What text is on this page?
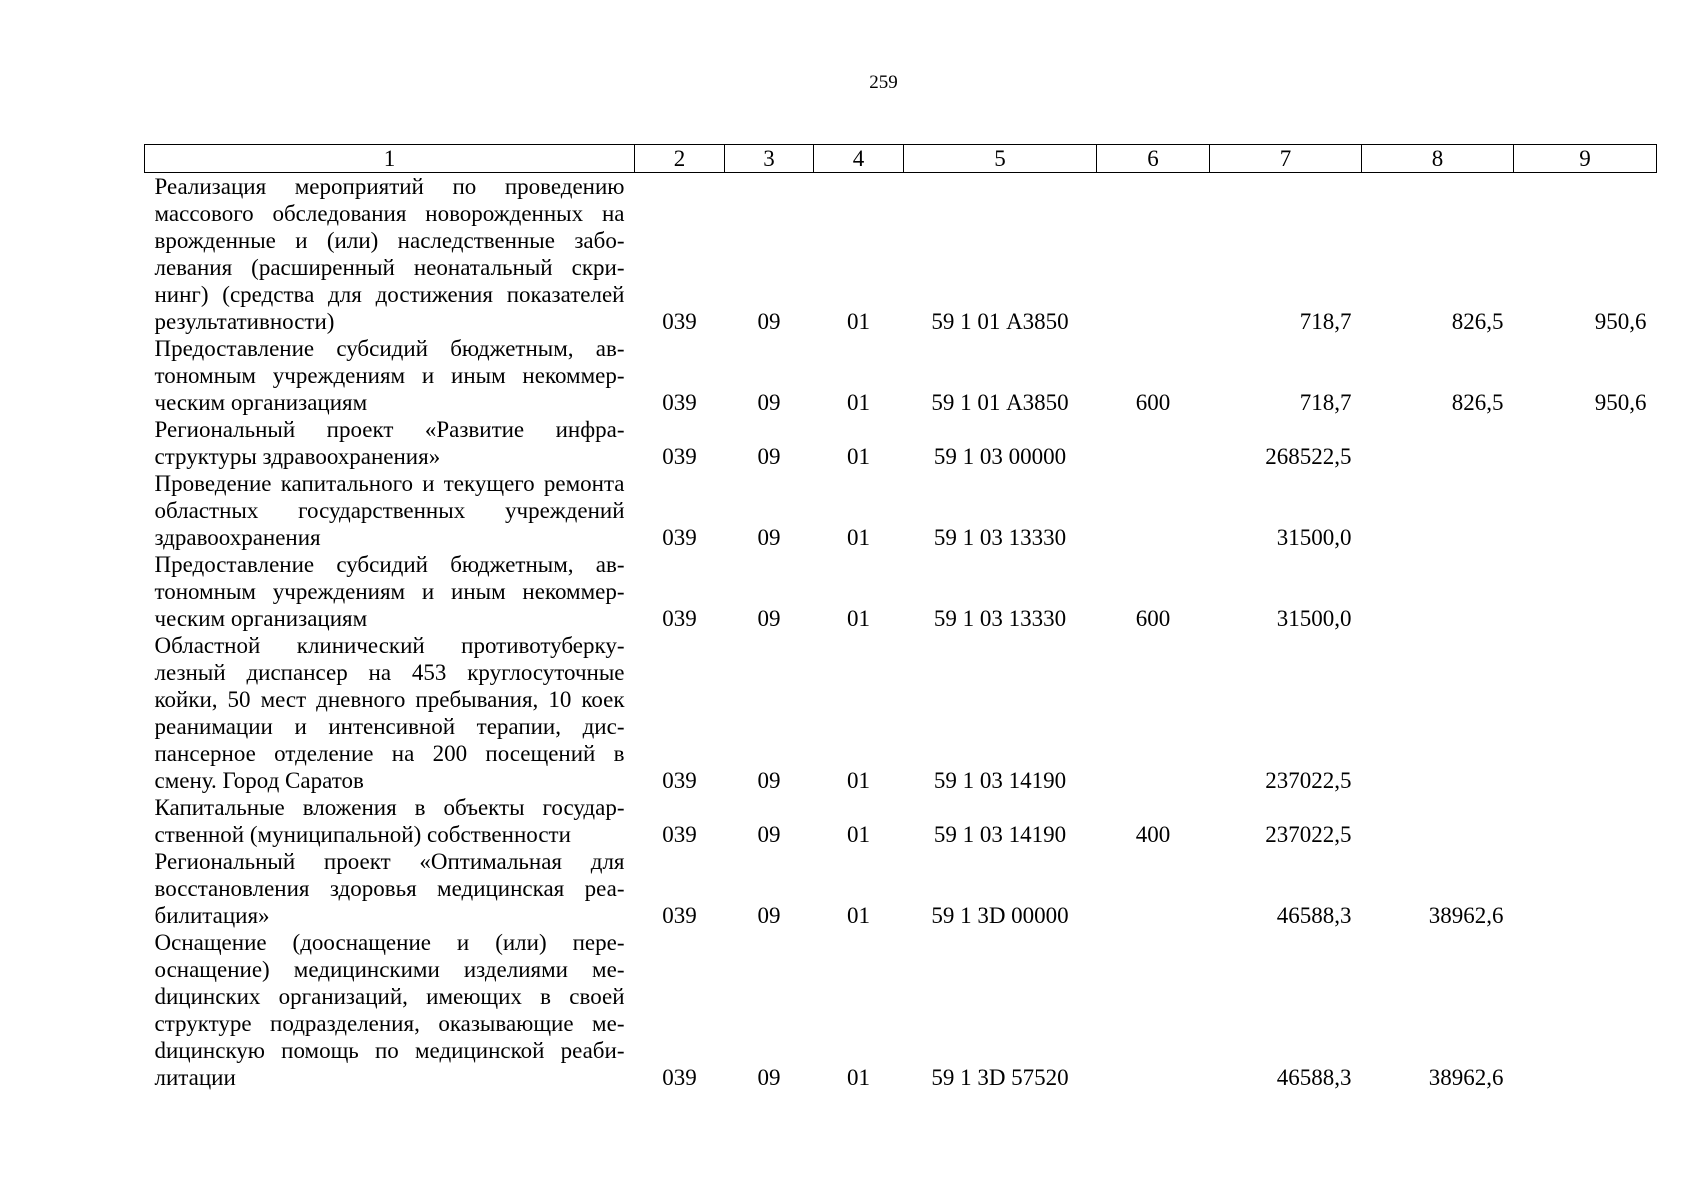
259
1	2	3	4	5	6	7	8	9
Реализация мероприятий по проведению массового обследования новорожденных на врожденные и (или) наследственные заболевания (расширенный неонатальный скрининг) (средства для достижения показателей результативности)	039	09	01	59 1 01 А3850		718,7	826,5	950,6
Предоставление субсидий бюджетным, автономным учреждениям и иным некоммерческим организациям	039	09	01	59 1 01 А3850	600	718,7	826,5	950,6
Региональный проект «Развитие инфраструктуры здравоохранения»	039	09	01	59 1 03 00000		268522,5		
Проведение капитального и текущего ремонта областных государственных учреждений здравоохранения	039	09	01	59 1 03 13330		31500,0		
Предоставление субсидий бюджетным, автономным учреждениям и иным некоммерческим организациям	039	09	01	59 1 03 13330	600	31500,0		
Областной клинический противотуберкулезный диспансер на 453 круглосуточные койки, 50 мест дневного пребывания, 10 коек реанимации и интенсивной терапии, диспансерное отделение на 200 посещений в смену. Город Саратов	039	09	01	59 1 03 14190		237022,5		
Капитальные вложения в объекты государственной (муниципальной) собственности	039	09	01	59 1 03 14190	400	237022,5		
Региональный проект «Оптимальная для восстановления здоровья медицинская реабилитация»	039	09	01	59 1 3D 00000		46588,3	38962,6	
Оснащение (дооснащение и (или) переоснащение) медицинскими изделиями меdицинских организаций, имеющих в своей структуре подразделения, оказывающие меdицинскую помощь по медицинской реабилитации	039	09	01	59 1 3D 57520		46588,3	38962,6	
